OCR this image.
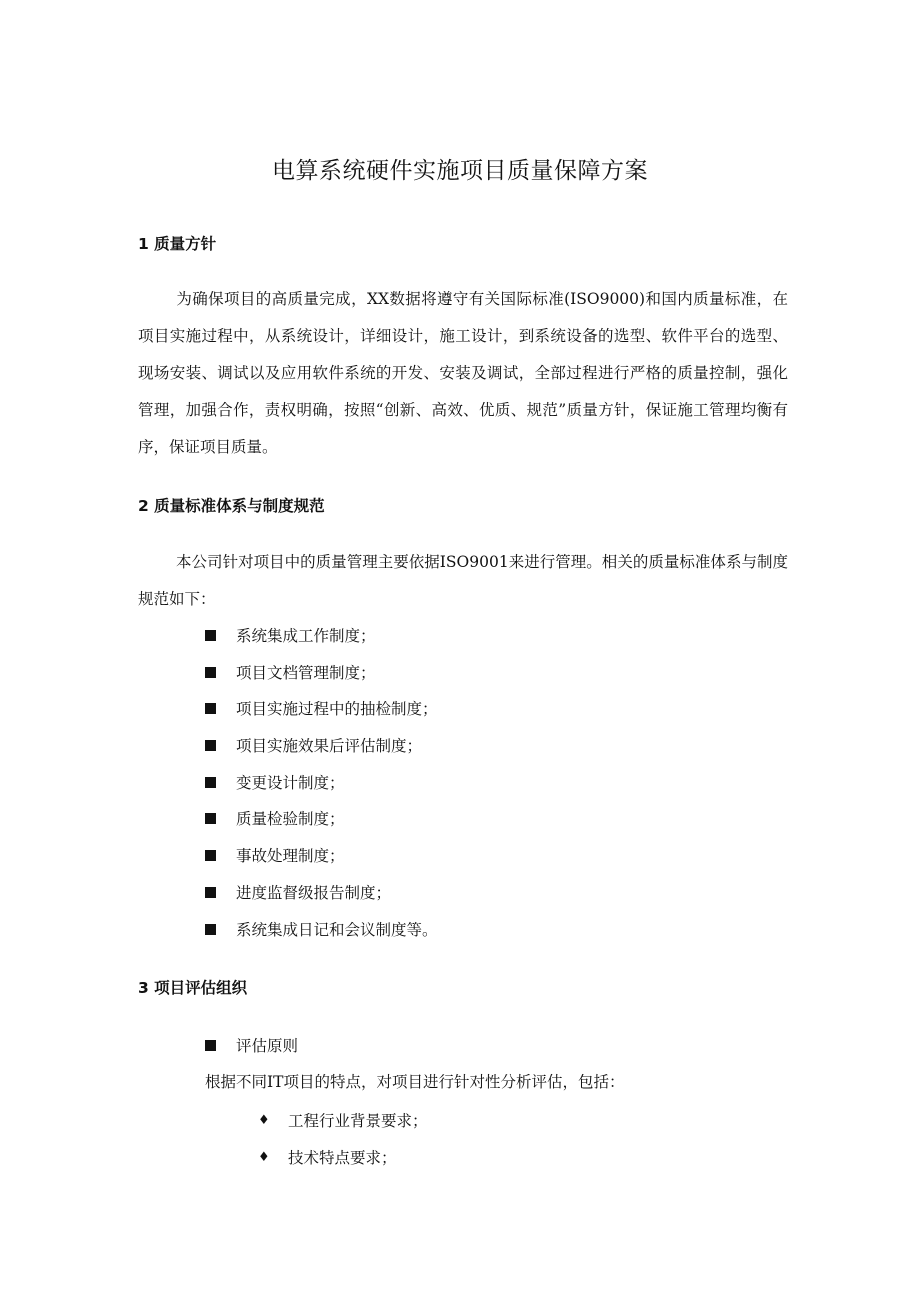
电算系统硬件实施项目质量保障方案
1 质量方针

为确保项目的高质量完成，XX数据将遵守有关国际标准(ISO9000)和国内质量标准，在项目实施过程中，从系统设计，详细设计，施工设计，到系统设备的选型、软件平台的选型、现场安装、调试以及应用软件系统的开发、安装及调试，全部过程进行严格的质量控制，强化管理，加强合作，责权明确，按照“创新、高效、优质、规范”质量方针，保证施工管理均衡有序，保证项目质量。

2 质量标准体系与制度规范

本公司针对项目中的质量管理主要依据ISO9001来进行管理。相关的质量标准体系与制度规范如下：

系统集成工作制度；
项目文档管理制度；
项目实施过程中的抽检制度；
项目实施效果后评估制度；
变更设计制度；
质量检验制度；
事故处理制度；
进度监督级报告制度；
系统集成日记和会议制度等。
3 项目评估组织
评估原则
根据不同IT项目的特点，对项目进行针对性分析评估，包括：
♦	工程行业背景要求；
♦	技术特点要求；
